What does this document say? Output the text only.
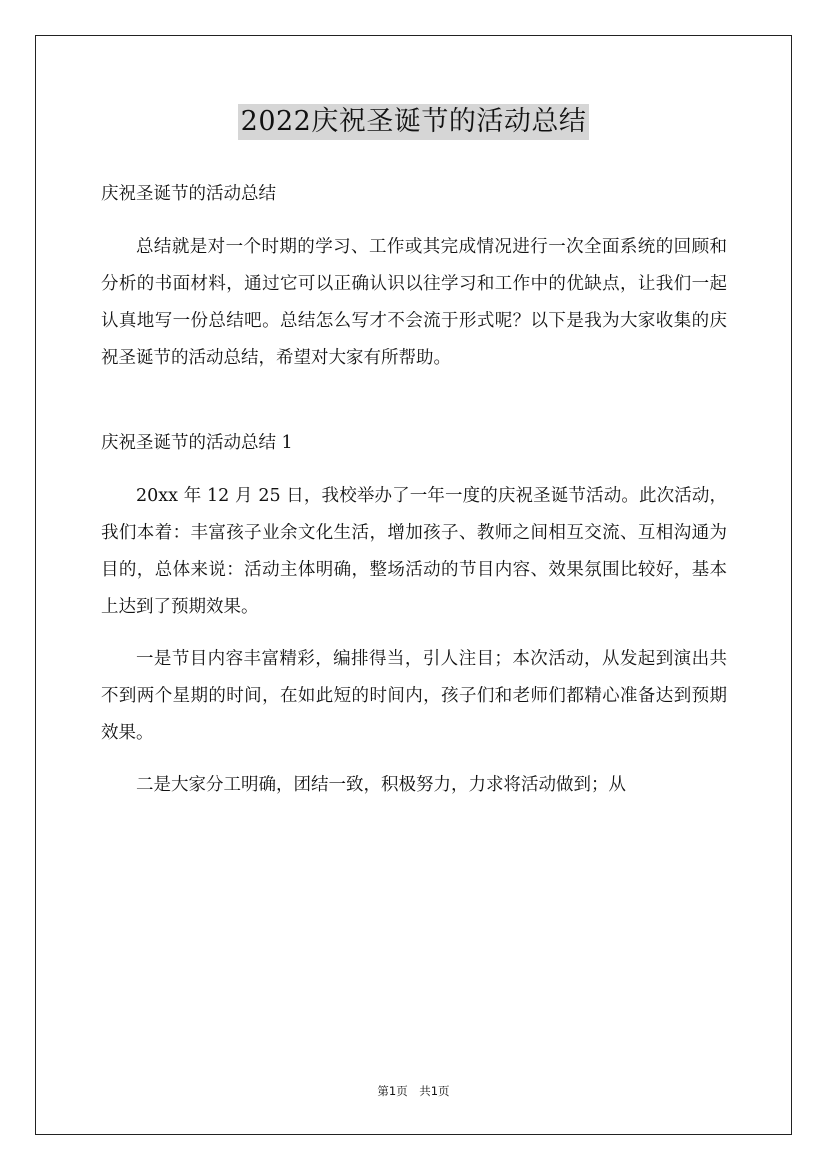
2022庆祝圣诞节的活动总结

庆祝圣诞节的活动总结

总结就是对一个时期的学习、工作或其完成情况进行一次全面系统的回顾和分析的书面材料，通过它可以正确认识以往学习和工作中的优缺点，让我们一起认真地写一份总结吧。总结怎么写才不会流于形式呢？以下是我为大家收集的庆祝圣诞节的活动总结，希望对大家有所帮助。

庆祝圣诞节的活动总结 1

20xx 年 12 月 25 日，我校举办了一年一度的庆祝圣诞节活动。此次活动，我们本着：丰富孩子业余文化生活，增加孩子、教师之间相互交流、互相沟通为目的，总体来说：活动主体明确，整场活动的节目内容、效果氛围比较好，基本上达到了预期效果。

一是节目内容丰富精彩，编排得当，引人注目；本次活动，从发起到演出共不到两个星期的时间，在如此短的时间内，孩子们和老师们都精心准备达到预期效果。

二是大家分工明确，团结一致，积极努力，力求将活动做到；从

第1页　共1页
